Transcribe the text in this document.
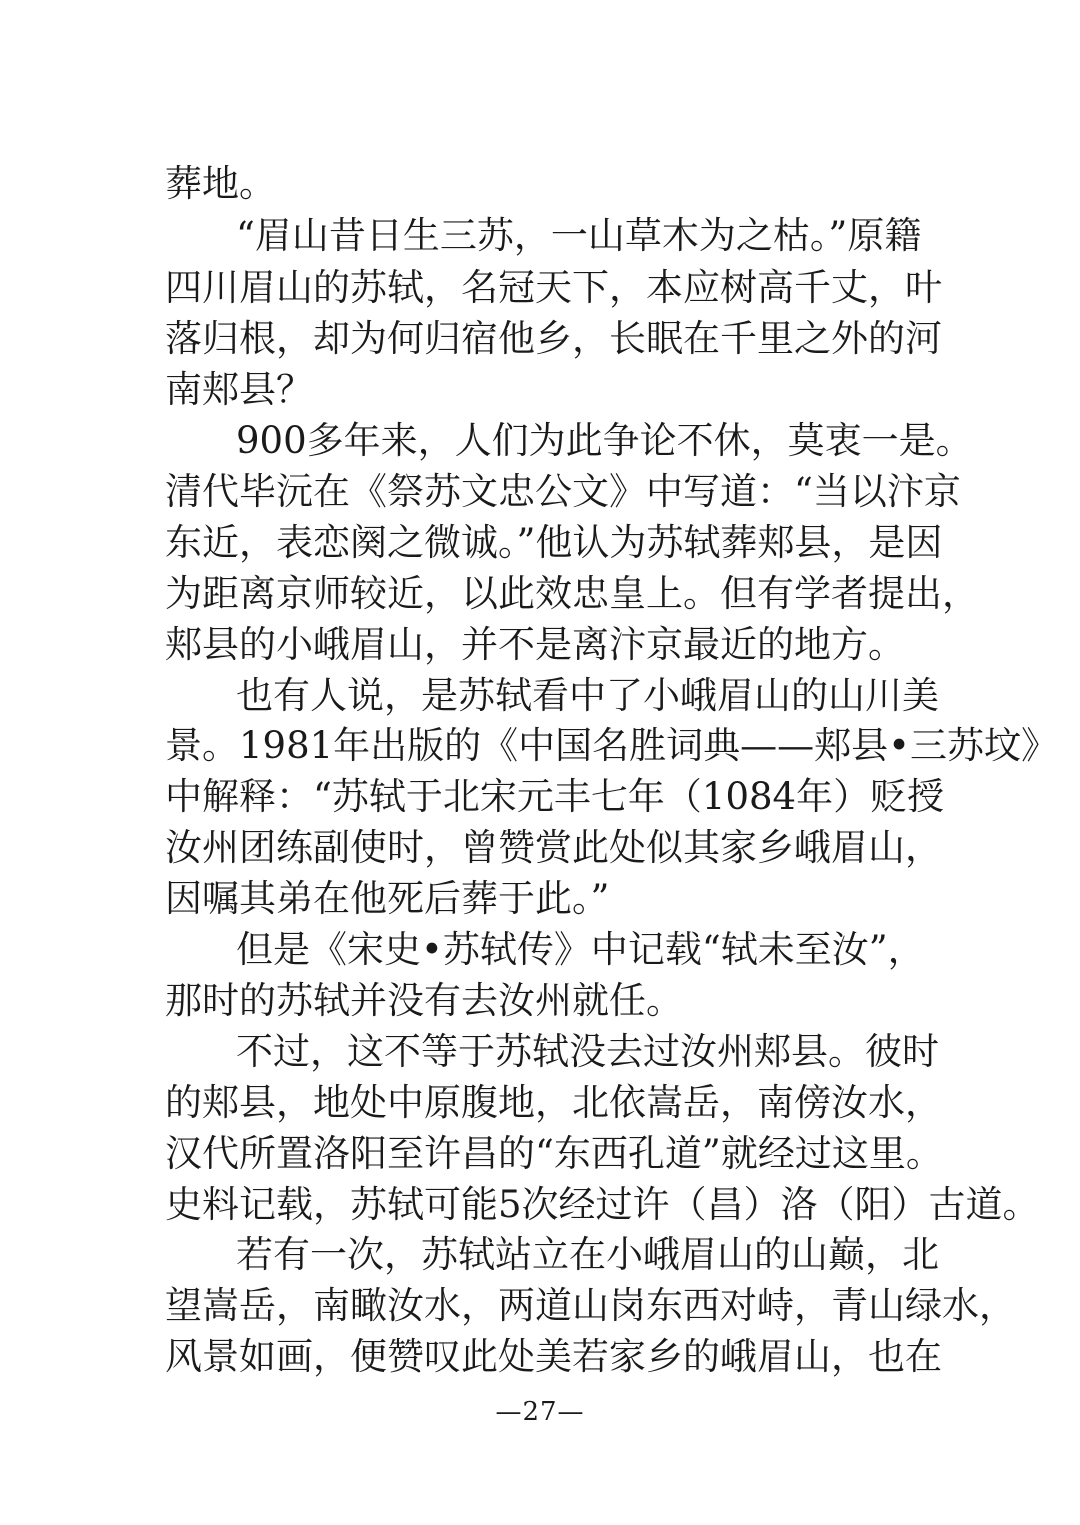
葬地。
“眉山昔日生三苏，一山草木为之枯。”原籍
四川眉山的苏轼，名冠天下，本应树高千丈，叶
落归根，却为何归宿他乡，长眠在千里之外的河
南郏县？
900多年来，人们为此争论不休，莫衷一是。
清代毕沅在《祭苏文忠公文》中写道：“当以汴京
东近，表恋阕之微诚。”他认为苏轼葬郏县，是因
为距离京师较近，以此效忠皇上。但有学者提出，
郏县的小峨眉山，并不是离汴京最近的地方。
也有人说，是苏轼看中了小峨眉山的山川美
景。1981年出版的《中国名胜词典——郏县•三苏坟》
中解释：“苏轼于北宋元丰七年（1084年）贬授
汝州团练副使时，曾赞赏此处似其家乡峨眉山，
因嘱其弟在他死后葬于此。”
但是《宋史•苏轼传》中记载“轼未至汝”，
那时的苏轼并没有去汝州就任。
不过，这不等于苏轼没去过汝州郏县。彼时
的郏县，地处中原腹地，北依嵩岳，南傍汝水，
汉代所置洛阳至许昌的“东西孔道”就经过这里。
史料记载，苏轼可能5次经过许（昌）洛（阳）古道。
若有一次，苏轼站立在小峨眉山的山巅，北
望嵩岳，南瞰汝水，两道山岗东西对峙，青山绿水，
风景如画，便赞叹此处美若家乡的峨眉山，也在
—27—
